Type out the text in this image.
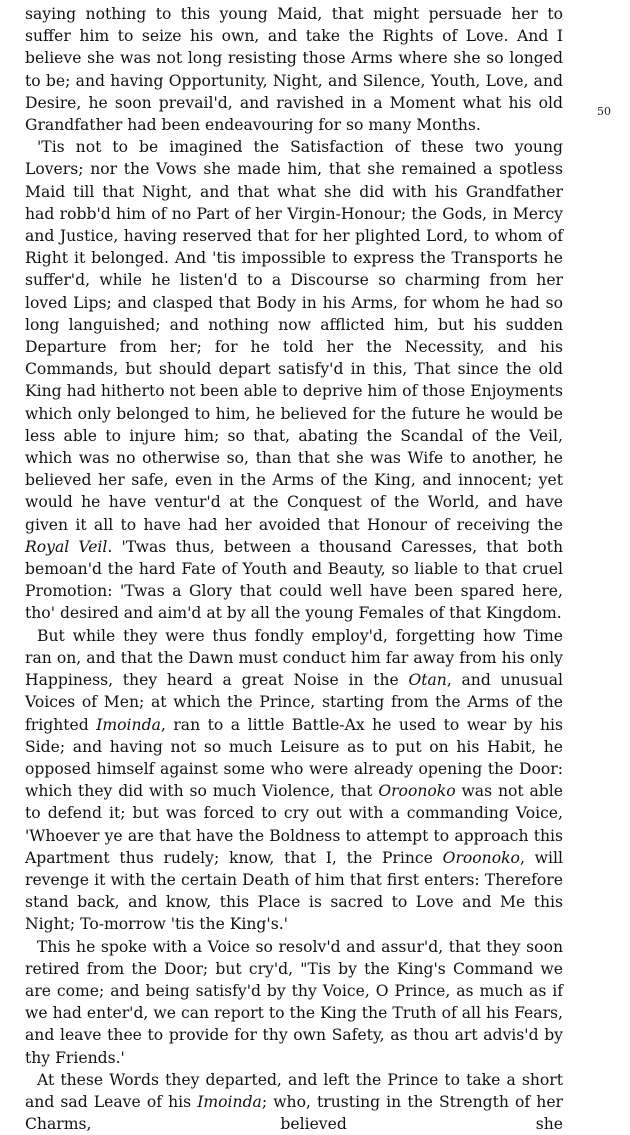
50

saying nothing to this young Maid, that might persuade her to suffer him to seize his own, and take the Rights of Love. And I believe she was not long resisting those Arms where she so longed to be; and having Opportunity, Night, and Silence, Youth, Love, and Desire, he soon prevail'd, and ravished in a Moment what his old Grandfather had been endeavouring for so many Months.

'Tis not to be imagined the Satisfaction of these two young Lovers; nor the Vows she made him, that she remained a spotless Maid till that Night, and that what she did with his Grandfather had robb'd him of no Part of her Virgin-Honour; the Gods, in Mercy and Justice, having reserved that for her plighted Lord, to whom of Right it belonged. And 'tis impossible to express the Transports he suffer'd, while he listen'd to a Discourse so charming from her loved Lips; and clasped that Body in his Arms, for whom he had so long languished; and nothing now afflicted him, but his sudden Departure from her; for he told her the Necessity, and his Commands, but should depart satisfy'd in this, That since the old King had hitherto not been able to deprive him of those Enjoyments which only belonged to him, he believed for the future he would be less able to injure him; so that, abating the Scandal of the Veil, which was no otherwise so, than that she was Wife to another, he believed her safe, even in the Arms of the King, and innocent; yet would he have ventur'd at the Conquest of the World, and have given it all to have had her avoided that Honour of receiving the Royal Veil. 'Twas thus, between a thousand Caresses, that both bemoan'd the hard Fate of Youth and Beauty, so liable to that cruel Promotion: 'Twas a Glory that could well have been spared here, tho' desired and aim'd at by all the young Females of that Kingdom.

But while they were thus fondly employ'd, forgetting how Time ran on, and that the Dawn must conduct him far away from his only Happiness, they heard a great Noise in the Otan, and unusual Voices of Men; at which the Prince, starting from the Arms of the frighted Imoinda, ran to a little Battle-Ax he used to wear by his Side; and having not so much Leisure as to put on his Habit, he opposed himself against some who were already opening the Door: which they did with so much Violence, that Oroonoko was not able to defend it; but was forced to cry out with a commanding Voice, 'Whoever ye are that have the Boldness to attempt to approach this Apartment thus rudely; know, that I, the Prince Oroonoko, will revenge it with the certain Death of him that first enters: Therefore stand back, and know, this Place is sacred to Love and Me this Night; To-morrow 'tis the King's.'

This he spoke with a Voice so resolv'd and assur'd, that they soon retired from the Door; but cry'd, "Tis by the King's Command we are come; and being satisfy'd by thy Voice, O Prince, as much as if we had enter'd, we can report to the King the Truth of all his Fears, and leave thee to provide for thy own Safety, as thou art advis'd by thy Friends.'

At these Words they departed, and left the Prince to take a short and sad Leave of his Imoinda; who, trusting in the Strength of her Charms, believed she
